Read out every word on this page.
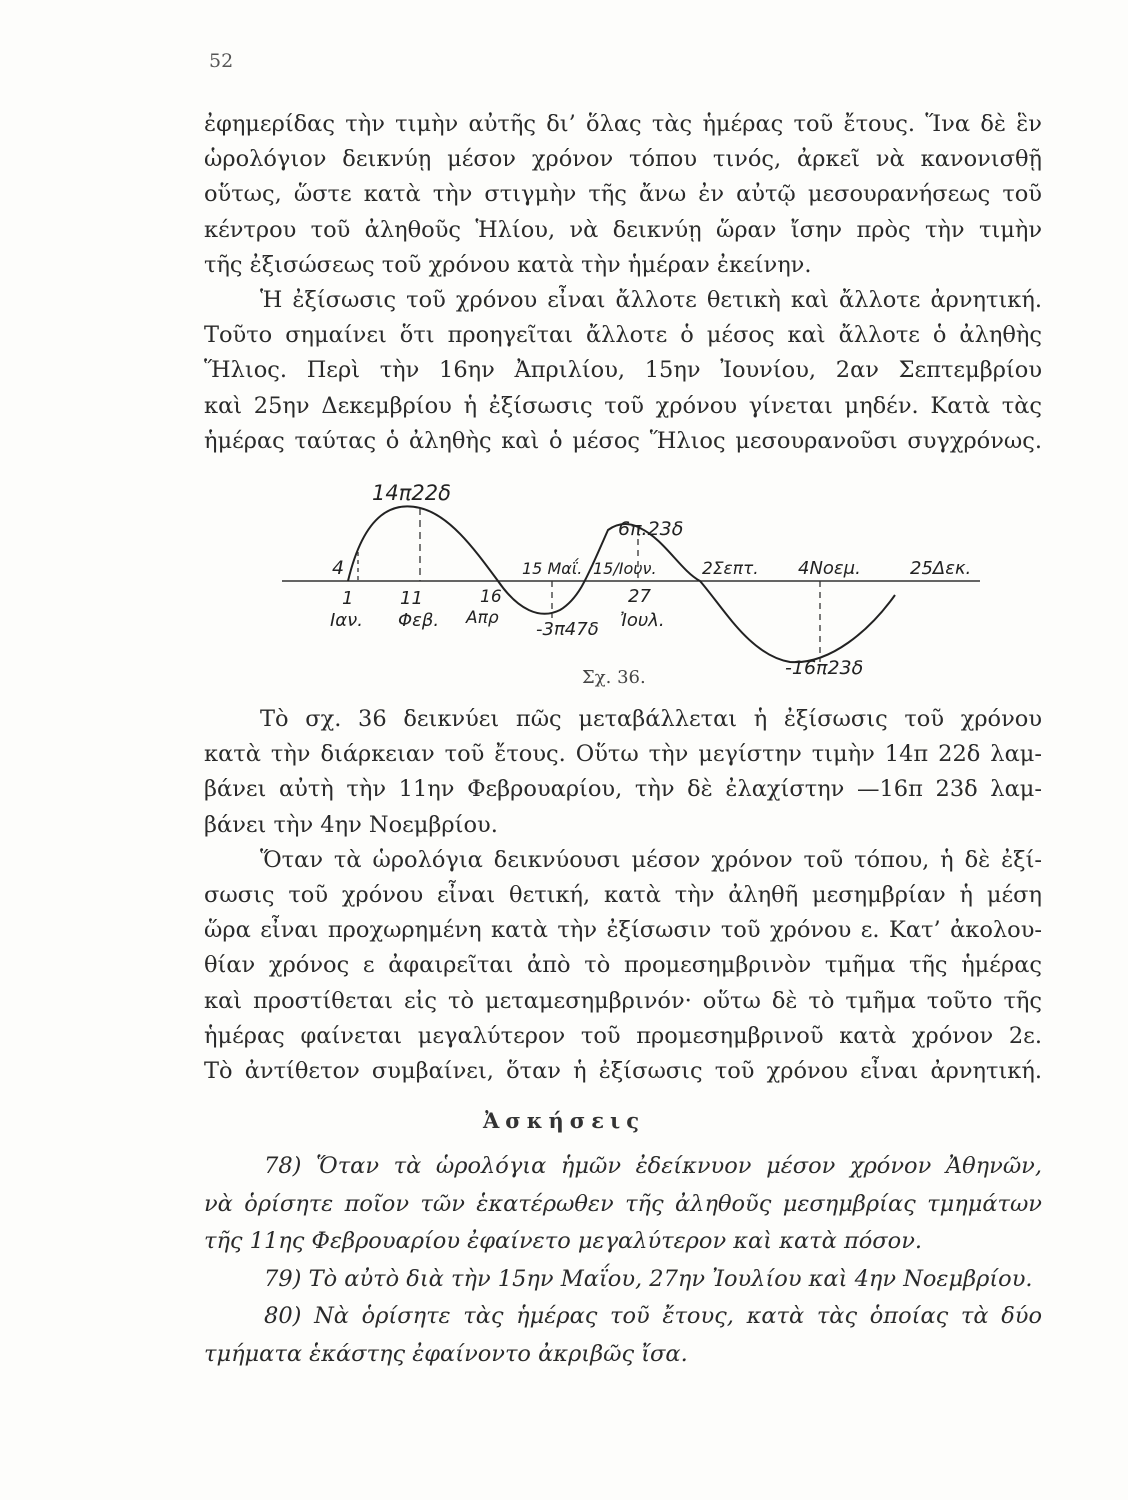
52
ἐφημερίδας τὴν τιμὴν αὐτῆς δι’ ὅλας τὰς ἡμέρας τοῦ ἔτους. Ἵνα δὲ ἓν
ὡρολόγιον δεικνύῃ μέσον χρόνον τόπου τινός, ἀρκεῖ νὰ κανονισθῇ
οὕτως, ὥστε κατὰ τὴν στιγμὴν τῆς ἄνω ἐν αὐτῷ μεσουρανήσεως τοῦ
κέντρου τοῦ ἀληθοῦς Ἡλίου, νὰ δεικνύῃ ὥραν ἴσην πρὸς τὴν τιμὴν
τῆς ἐξισώσεως τοῦ χρόνου κατὰ τὴν ἡμέραν ἐκείνην.
Ἡ ἐξίσωσις τοῦ χρόνου εἶναι ἄλλοτε θετικὴ καὶ ἄλλοτε ἀρνητική.
Τοῦτο σημαίνει ὅτι προηγεῖται ἄλλοτε ὁ μέσος καὶ ἄλλοτε ὁ ἀληθὴς
Ἥλιος. Περὶ τὴν 16ην Ἀπριλίου, 15ην Ἰουνίου, 2αν Σεπτεμβρίου
καὶ 25ην Δεκεμβρίου ἡ ἐξίσωσις τοῦ χρόνου γίνεται μηδέν. Κατὰ τὰς
ἡμέρας ταύτας ὁ ἀληθὴς καὶ ὁ μέσος Ἥλιος μεσουρανοῦσι συγχρόνως.
14π22δ
6π.23δ
4	15 Μαΐ. 15/Ιουν.	2Σεπτ. 4Νοεμ.	25Δεκ.
1
Ιαν.
11
Φεβ.
16
Απρ
-3π47δ
27
Ἰουλ.
-16π23δ
Σχ. 36.
Τὸ σχ. 36 δεικνύει πῶς μεταβάλλεται ἡ ἐξίσωσις τοῦ χρόνου
κατὰ τὴν διάρκειαν τοῦ ἔτους. Οὕτω τὴν μεγίστην τιμὴν 14π 22δ λαμ-
βάνει αὐτὴ τὴν 11ην Φεβρουαρίου, τὴν δὲ ἐλαχίστην —16π 23δ λαμ-
βάνει τὴν 4ην Νοεμβρίου.
Ὅταν τὰ ὡρολόγια δεικνύουσι μέσον χρόνον τοῦ τόπου, ἡ δὲ ἐξί-
σωσις τοῦ χρόνου εἶναι θετική, κατὰ τὴν ἀληθῆ μεσημβρίαν ἡ μέση
ὥρα εἶναι προχωρημένη κατὰ τὴν ἐξίσωσιν τοῦ χρόνου ε. Κατ’ ἀκολου-
θίαν χρόνος ε ἀφαιρεῖται ἀπὸ τὸ προμεσημβρινὸν τμῆμα τῆς ἡμέρας
καὶ προστίθεται εἰς τὸ μεταμεσημβρινόν· οὕτω δὲ τὸ τμῆμα τοῦτο τῆς
ἡμέρας φαίνεται μεγαλύτερον τοῦ προμεσημβρινοῦ κατὰ χρόνον 2ε.
Τὸ ἀντίθετον συμβαίνει, ὅταν ἡ ἐξίσωσις τοῦ χρόνου εἶναι ἀρνητική.
Ἀσκήσεις
78) Ὅταν τὰ ὡρολόγια ἡμῶν ἐδείκνυον μέσον χρόνον Ἀθηνῶν,
νὰ ὁρίσητε ποῖον τῶν ἑκατέρωθεν τῆς ἀληθοῦς μεσημβρίας τμημάτων
τῆς 11ης Φεβρουαρίου ἐφαίνετο μεγαλύτερον καὶ κατὰ πόσον.
79) Τὸ αὐτὸ διὰ τὴν 15ην Μαΐου, 27ην Ἰουλίου καὶ 4ην Νοεμβρίου.
80) Νὰ ὁρίσητε τὰς ἡμέρας τοῦ ἔτους, κατὰ τὰς ὁποίας τὰ δύο
τμήματα ἑκάστης ἐφαίνοντο ἀκριβῶς ἴσα.
